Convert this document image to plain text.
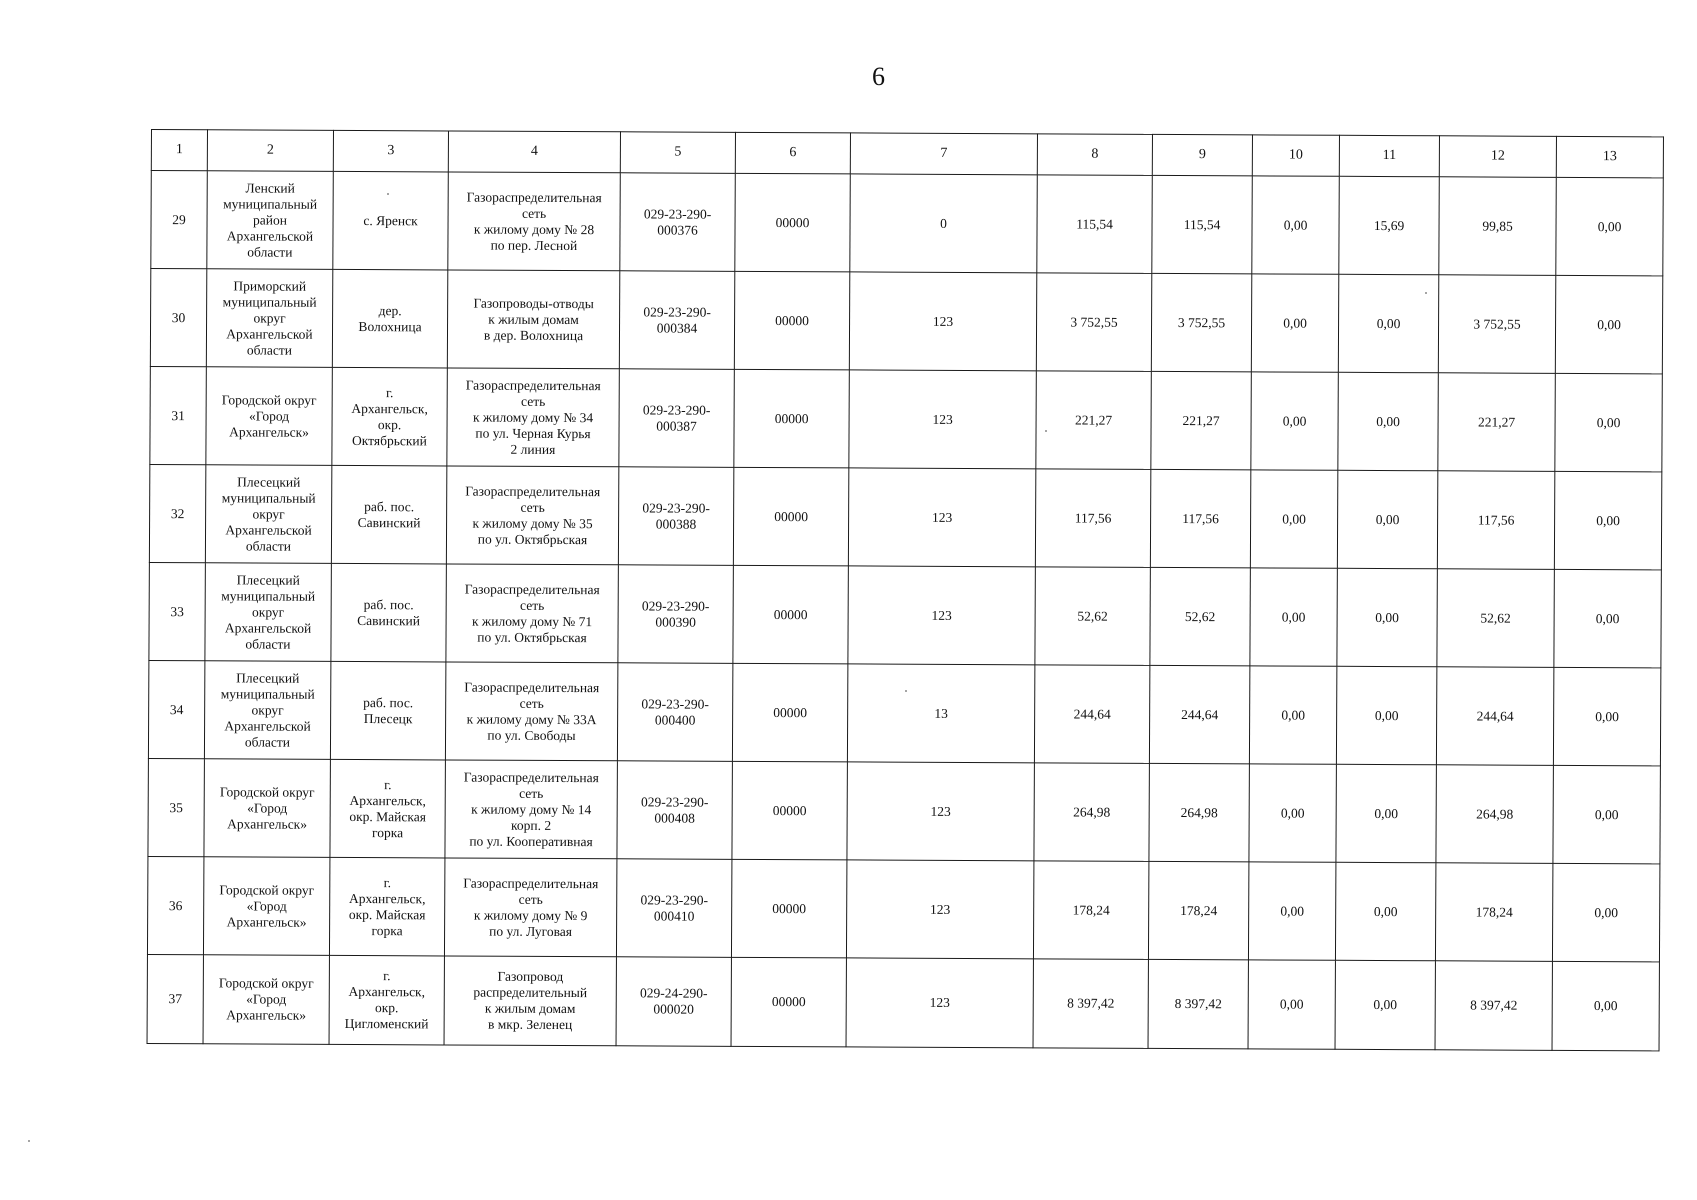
6
1	2	3	4	5	6	7	8	9	10	11	12	13

29	Ленский
муниципальный
район
Архангельской
области	с. Яренск	Газораспределительная
сеть
к жилому дому № 28
по пер. Лесной	029-23-290-
000376	00000	0	115,54	115,54	0,00	15,69	99,85	0,00

30	Приморский
муниципальный
округ
Архангельской
области	дер.
Волохница	Газопроводы-отводы
к жилым домам
в дер. Волохница	029-23-290-
000384	00000	123	3 752,55	3 752,55	0,00	0,00	3 752,55	0,00

31	Городской округ
«Город
Архангельск»	г.
Архангельск,
окр.
Октябрьский	Газораспределительная
сеть
к жилому дому № 34
по ул. Черная Курья
2 линия	029-23-290-
000387	00000	123	221,27	221,27	0,00	0,00	221,27	0,00

32	Плесецкий
муниципальный
округ
Архангельской
области	раб. пос.
Савинский	Газораспределительная
сеть
к жилому дому № 35
по ул. Октябрьская	029-23-290-
000388	00000	123	117,56	117,56	0,00	0,00	117,56	0,00

33	Плесецкий
муниципальный
округ
Архангельской
области	раб. пос.
Савинский	Газораспределительная
сеть
к жилому дому № 71
по ул. Октябрьская	029-23-290-
000390	00000	123	52,62	52,62	0,00	0,00	52,62	0,00

34	Плесецкий
муниципальный
округ
Архангельской
области	раб. пос.
Плесецк	Газораспределительная
сеть
к жилому дому № 33А
по ул. Свободы	029-23-290-
000400	00000	13	244,64	244,64	0,00	0,00	244,64	0,00

35	Городской округ
«Город
Архангельск»	г.
Архангельск,
окр. Майская
горка	Газораспределительная
сеть
к жилому дому № 14
корп. 2
по ул. Кооперативная	029-23-290-
000408	00000	123	264,98	264,98	0,00	0,00	264,98	0,00

36	Городской округ
«Город
Архангельск»	г.
Архангельск,
окр. Майская
горка	Газораспределительная
сеть
к жилому дому № 9
по ул. Луговая	029-23-290-
000410	00000	123	178,24	178,24	0,00	0,00	178,24	0,00

37	Городской округ
«Город
Архангельск»	г.
Архангельск,
окр.
Цигломенский	Газопровод
распределительный
к жилым домам
в мкр. Зеленец	029-24-290-
000020	00000	123	8 397,42	8 397,42	0,00	0,00	8 397,42	0,00
